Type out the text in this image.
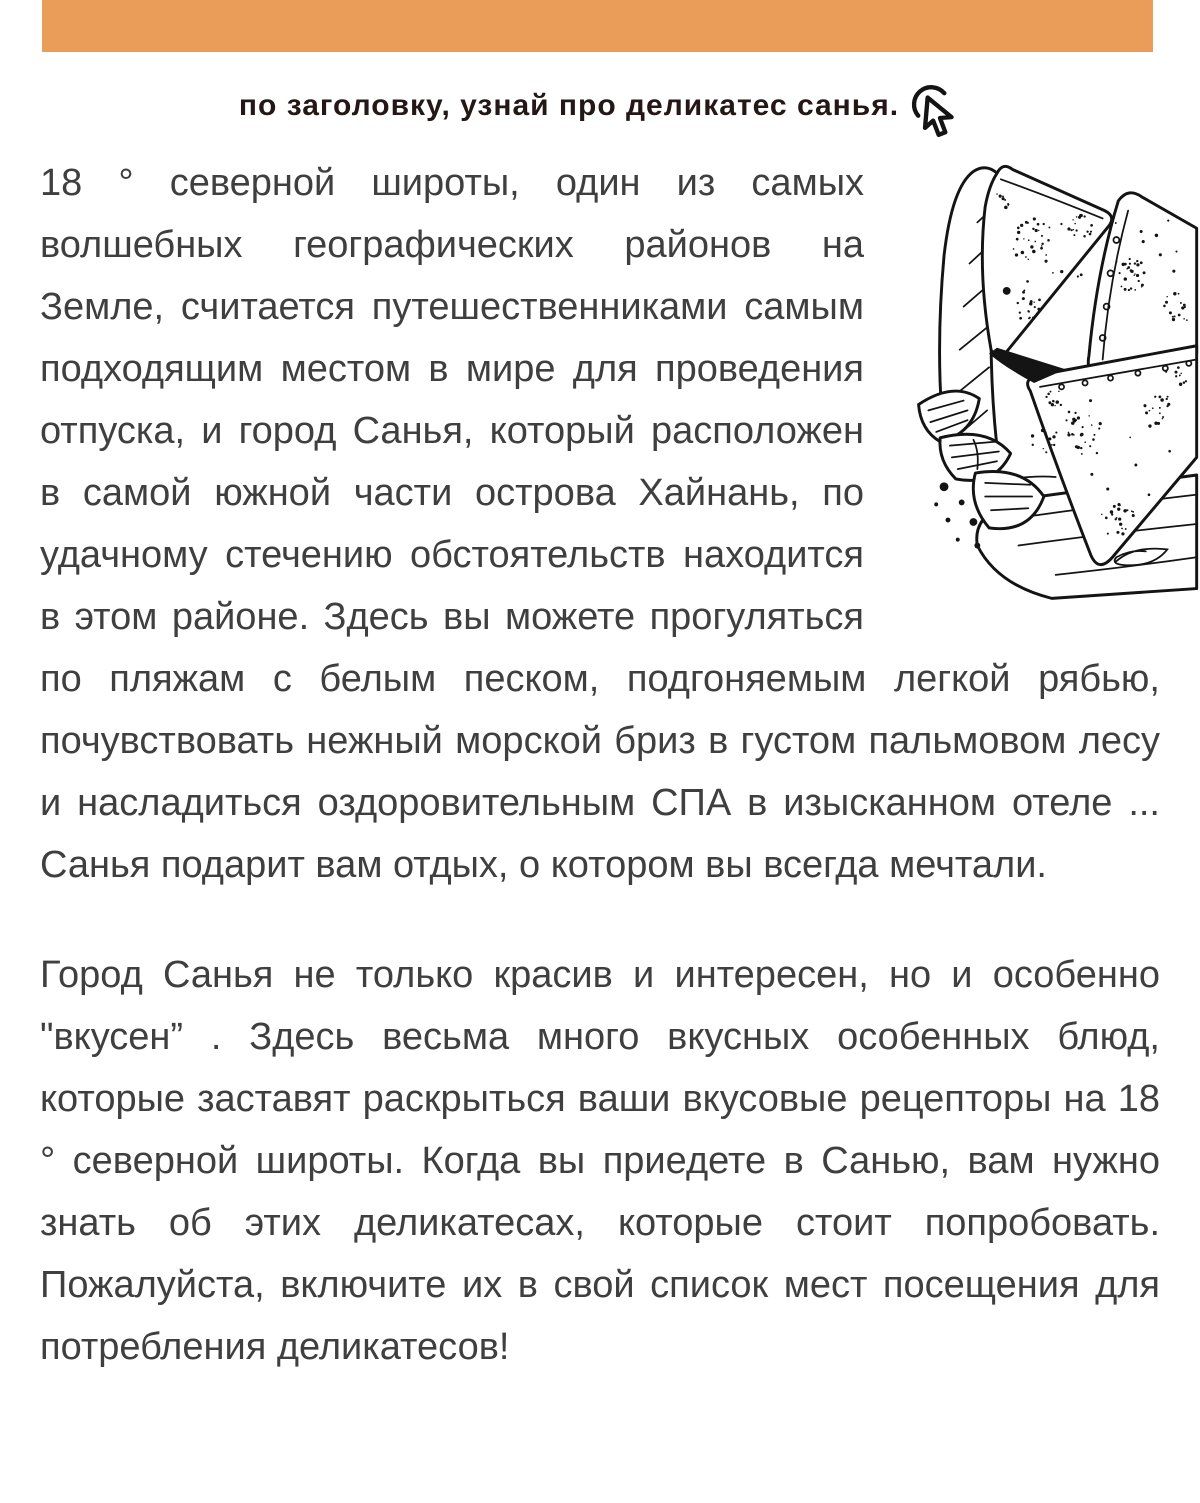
по заголовку, узнай про деликатес санья.

18 ° северной широты, один из самых волшебных географических районов на Земле, считается путешественниками самым подходящим местом в мире для проведения отпуска, и город Санья, который расположен в самой южной части острова Хайнань, по удачному стечению обстоятельств находится в этом районе. Здесь вы можете прогуляться по пляжам с белым песком, подгоняемым легкой рябью, почувствовать нежный морской бриз в густом пальмовом лесу и насладиться оздоровительным СПА в изысканном отеле ... Санья подарит вам отдых, о котором вы всегда мечтали.

Город Санья не только красив и интересен, но и особенно "вкусен” . Здесь весьма много вкусных особенных блюд, которые заставят раскрыться ваши вкусовые рецепторы на 18 ° северной широты. Когда вы приедете в Санью, вам нужно знать об этих деликатесах, которые стоит попробовать. Пожалуйста, включите их в свой список мест посещения для потребления деликатесов!
